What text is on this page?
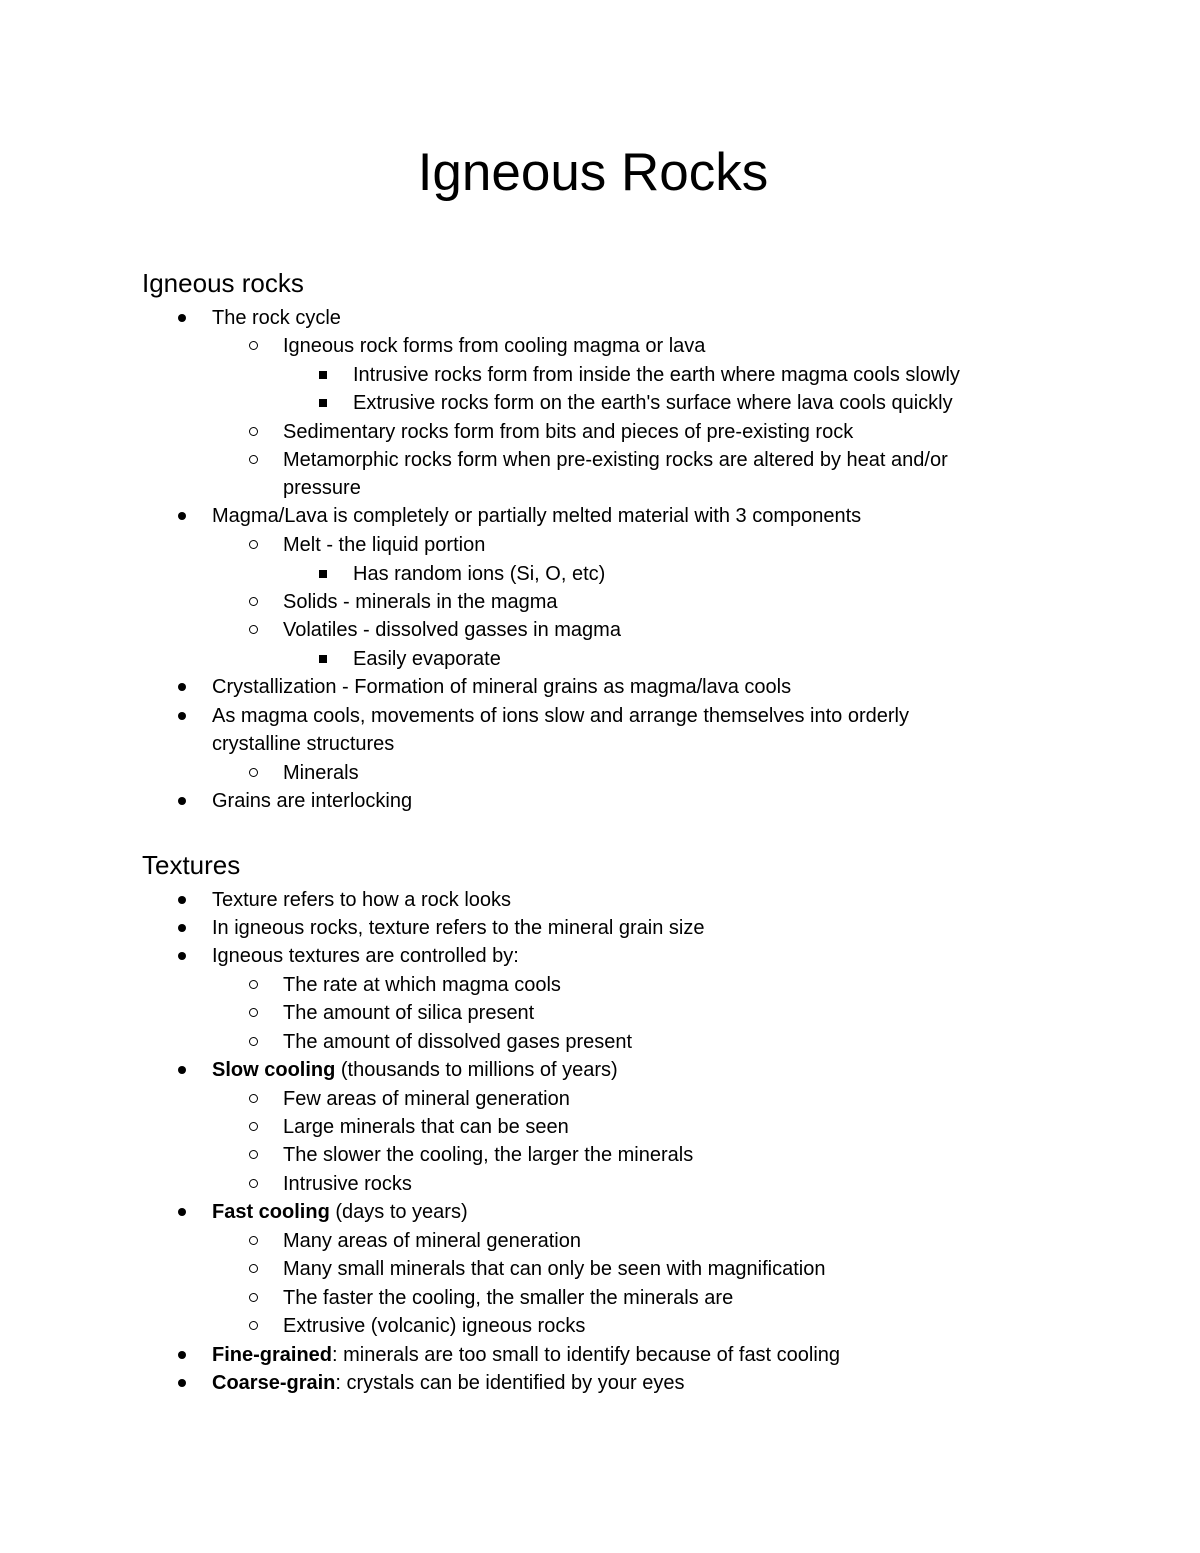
Igneous Rocks
Igneous rocks
The rock cycle
Igneous rock forms from cooling magma or lava
Intrusive rocks form from inside the earth where magma cools slowly
Extrusive rocks form on the earth's surface where lava cools quickly
Sedimentary rocks form from bits and pieces of pre-existing rock
Metamorphic rocks form when pre-existing rocks are altered by heat and/or
pressure
Magma/Lava is completely or partially melted material with 3 components
Melt - the liquid portion
Has random ions (Si, O, etc)
Solids - minerals in the magma
Volatiles - dissolved gasses in magma
Easily evaporate
Crystallization - Formation of mineral grains as magma/lava cools
As magma cools, movements of ions slow and arrange themselves into orderly
crystalline structures
Minerals
Grains are interlocking
Textures
Texture refers to how a rock looks
In igneous rocks, texture refers to the mineral grain size
Igneous textures are controlled by:
The rate at which magma cools
The amount of silica present
The amount of dissolved gases present
Slow cooling (thousands to millions of years)
Few areas of mineral generation
Large minerals that can be seen
The slower the cooling, the larger the minerals
Intrusive rocks
Fast cooling (days to years)
Many areas of mineral generation
Many small minerals that can only be seen with magnification
The faster the cooling, the smaller the minerals are
Extrusive (volcanic) igneous rocks
Fine-grained: minerals are too small to identify because of fast cooling
Coarse-grain: crystals can be identified by your eyes
